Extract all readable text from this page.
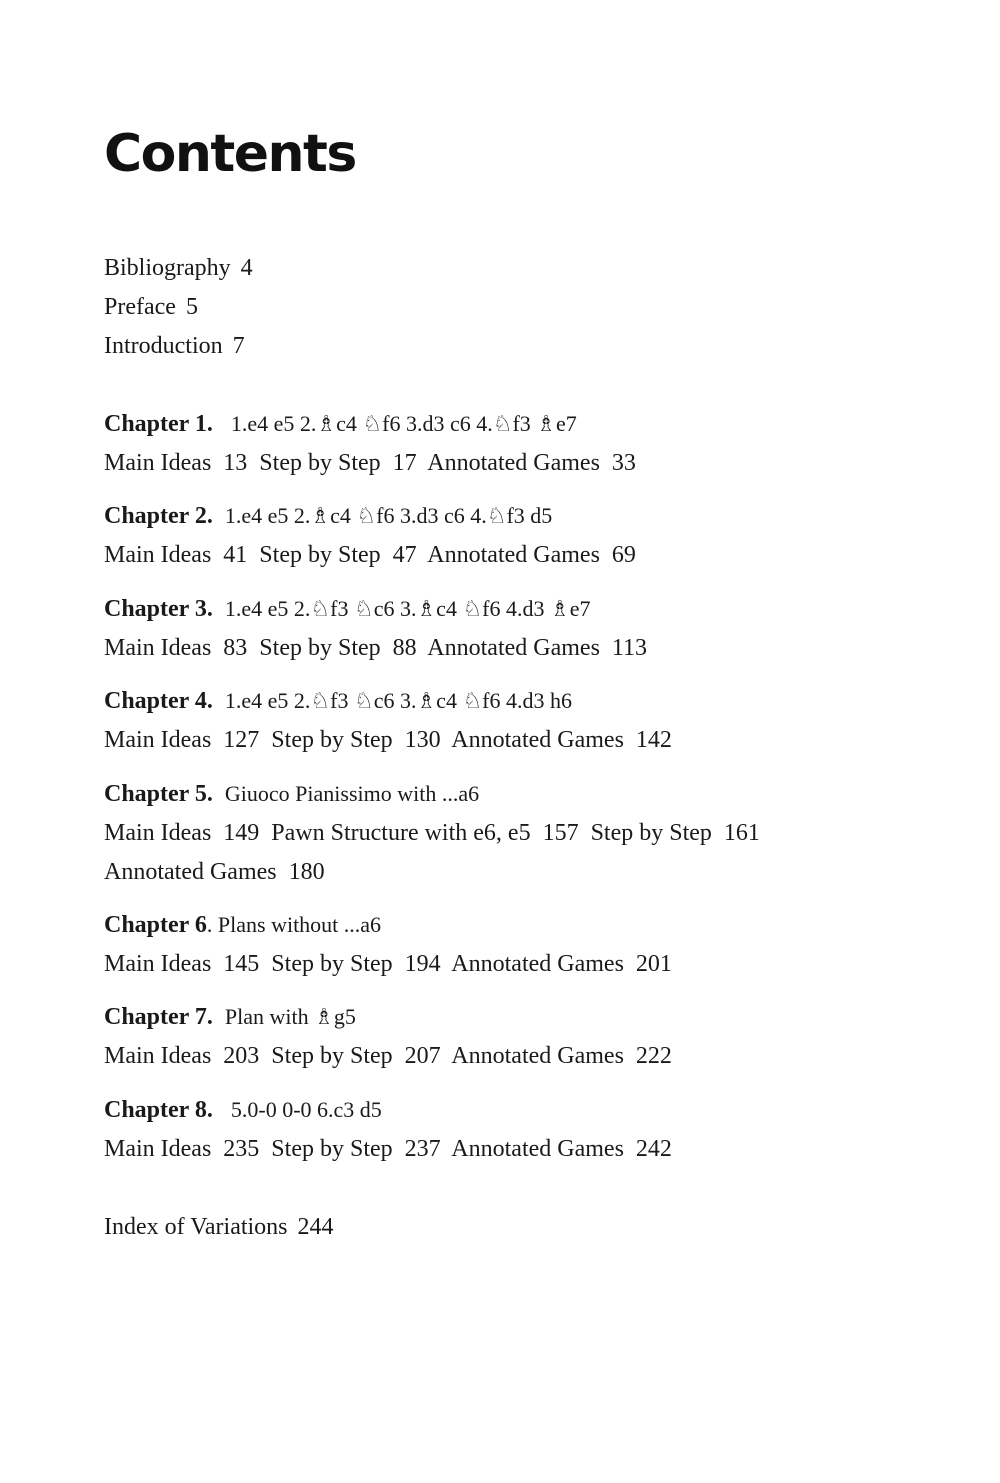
Contents
Bibliography 4
Preface 5
Introduction 7
Chapter 1. 1.e4 e5 2.♗c4 ♘f6 3.d3 c6 4.♘f3 ♗e7
Main Ideas  13  Step by Step  17  Annotated Games  33
Chapter 2. 1.e4 e5 2.♗c4 ♘f6 3.d3 c6 4.♘f3 d5
Main Ideas  41  Step by Step  47  Annotated Games  69
Chapter 3. 1.e4 e5 2.♘f3 ♘c6 3.♗c4 ♘f6 4.d3 ♗e7
Main Ideas  83  Step by Step  88  Annotated Games  113
Chapter 4. 1.e4 e5 2.♘f3 ♘c6 3.♗c4 ♘f6 4.d3 h6
Main Ideas  127  Step by Step  130  Annotated Games  142
Chapter 5. Giuoco Pianissimo with ...a6
Main Ideas  149  Pawn Structure with e6, e5  157  Step by Step  161
Annotated Games  180
Chapter 6. Plans without ...a6
Main Ideas  145  Step by Step  194  Annotated Games  201
Chapter 7. Plan with ♗g5
Main Ideas  203  Step by Step  207  Annotated Games  222
Chapter 8. 5.0-0 0-0 6.c3 d5
Main Ideas  235  Step by Step  237  Annotated Games  242
Index of Variations 244
